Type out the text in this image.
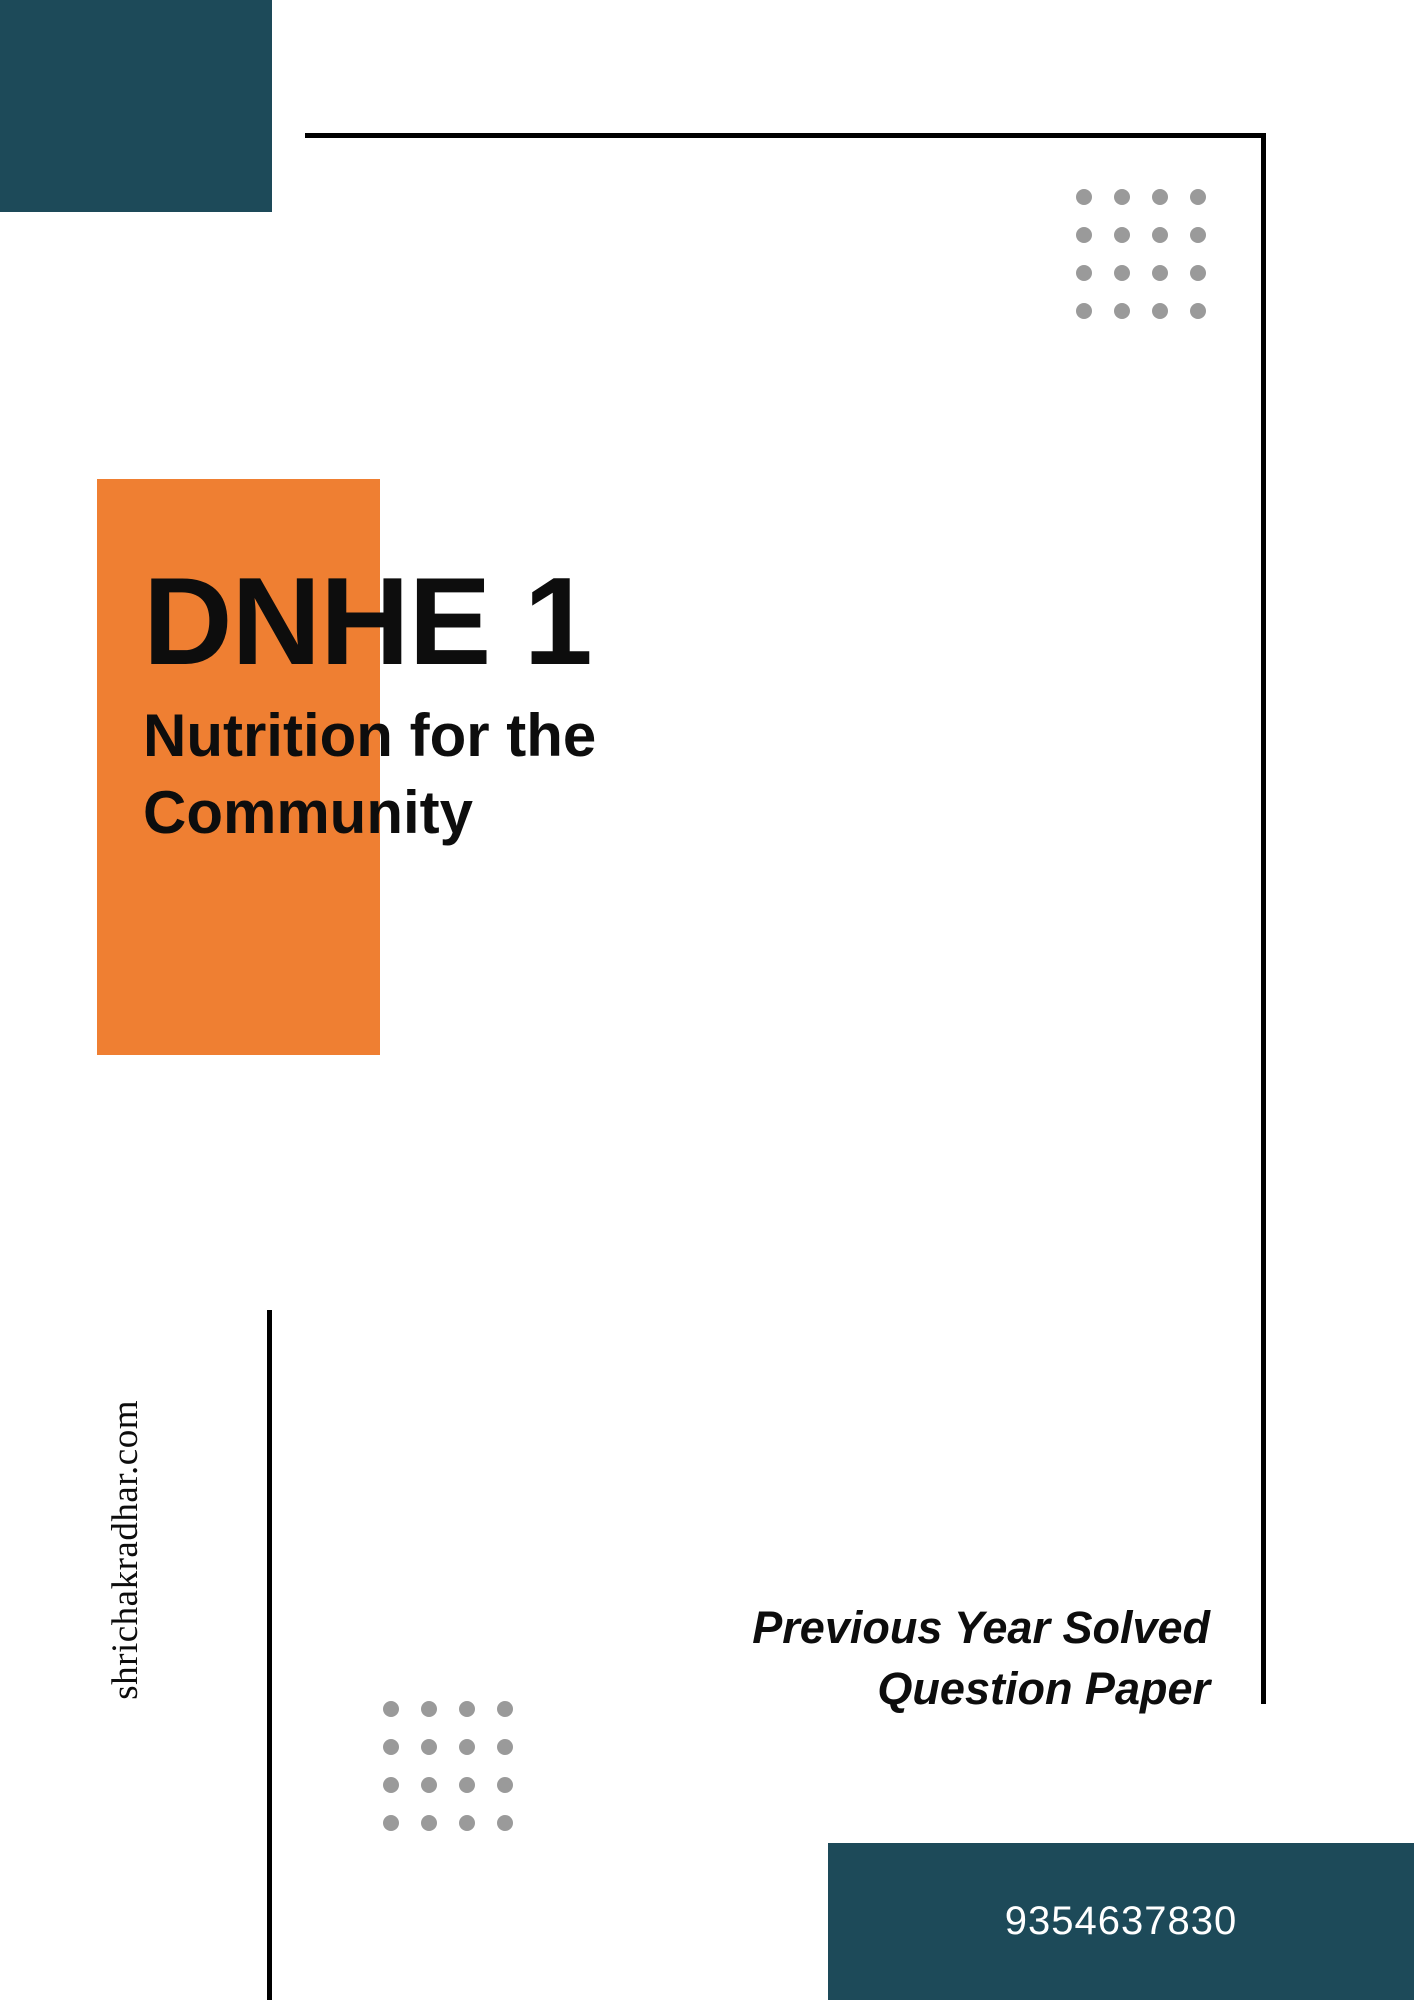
DNHE 1
Nutrition for the Community
shrichakradhar.com	Previous Year Solved
Question Paper
9354637830
